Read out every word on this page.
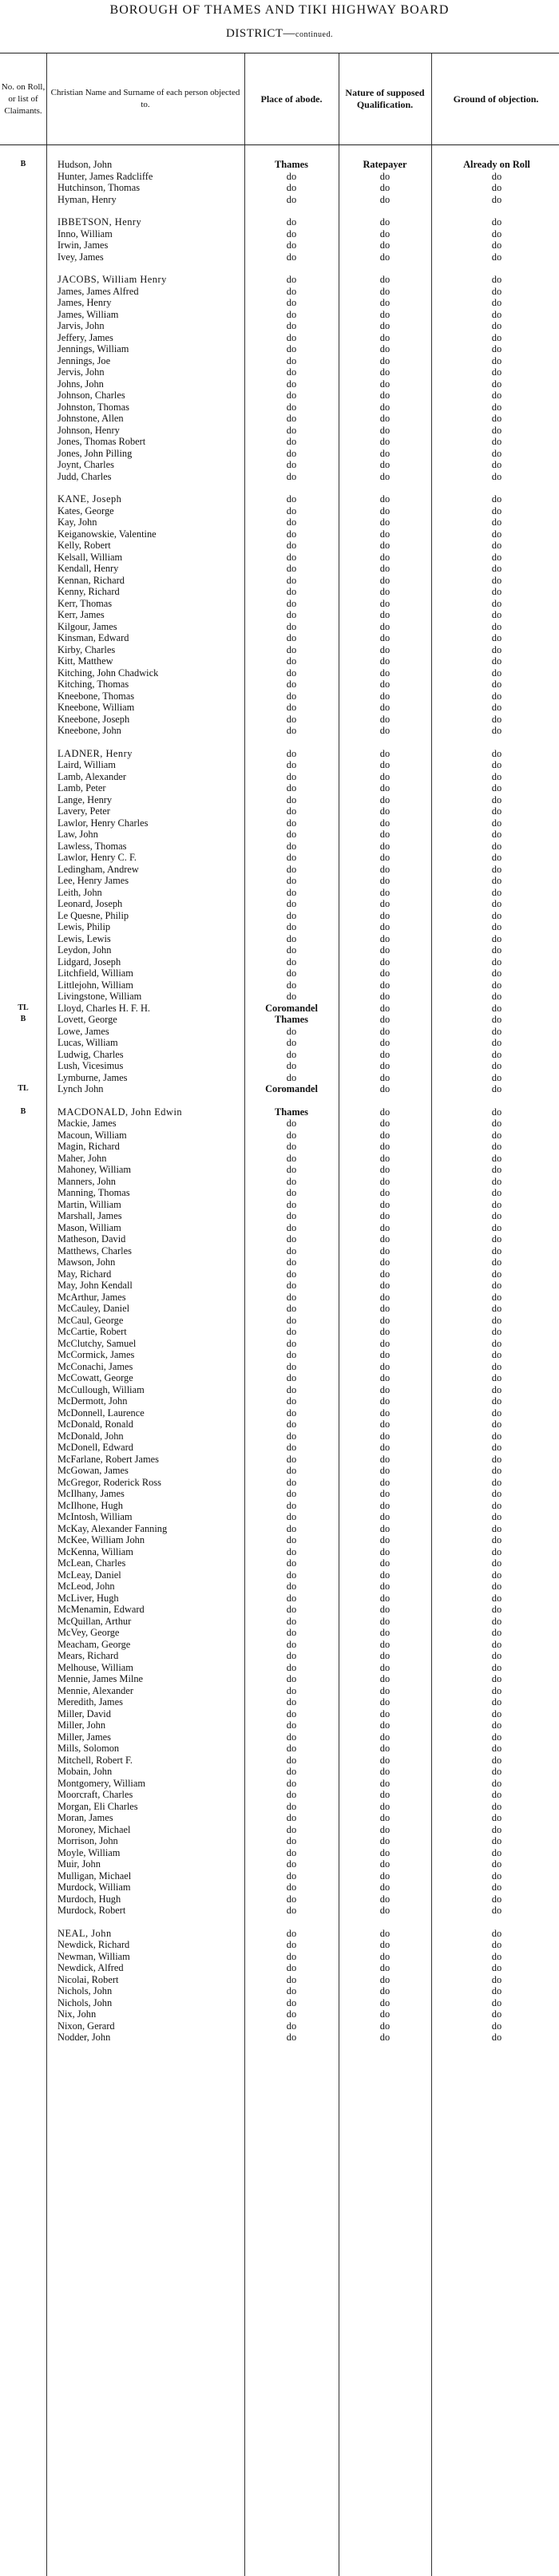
BOROUGH OF THAMES AND TIKI HIGHWAY BOARD
DISTRICT—continued.
No. on Roll, or list of Claimants.
Christian Name and Surname of each person objected to.
Place of abode.
Nature of supposed Qualification.
Ground of objection.
B	Hudson, John	Thames	Ratepayer	Already on Roll
Hunter, James Radcliffe	do	do	do
Hutchinson, Thomas	do	do	do
Hyman, Henry	do	do	do
IBBETSON, Henry	do	do	do
Inno, William	do	do	do
Irwin, James	do	do	do
Ivey, James	do	do	do
JACOBS, William Henry	do	do	do
James, James Alfred	do	do	do
James, Henry	do	do	do
James, William	do	do	do
Jarvis, John	do	do	do
Jeffery, James	do	do	do
Jennings, William	do	do	do
Jennings, Joe	do	do	do
Jervis, John	do	do	do
Johns, John	do	do	do
Johnson, Charles	do	do	do
Johnston, Thomas	do	do	do
Johnstone, Allen	do	do	do
Johnson, Henry	do	do	do
Jones, Thomas Robert	do	do	do
Jones, John Pilling	do	do	do
Joynt, Charles	do	do	do
Judd, Charles	do	do	do
KANE, Joseph	do	do	do
Kates, George	do	do	do
Kay, John	do	do	do
Keiganowskie, Valentine	do	do	do
Kelly, Robert	do	do	do
Kelsall, William	do	do	do
Kendall, Henry	do	do	do
Kennan, Richard	do	do	do
Kenny, Richard	do	do	do
Kerr, Thomas	do	do	do
Kerr, James	do	do	do
Kilgour, James	do	do	do
Kinsman, Edward	do	do	do
Kirby, Charles	do	do	do
Kitt, Matthew	do	do	do
Kitching, John Chadwick	do	do	do
Kitching, Thomas	do	do	do
Kneebone, Thomas	do	do	do
Kneebone, William	do	do	do
Kneebone, Joseph	do	do	do
Kneebone, John	do	do	do
LADNER, Henry	do	do	do
Laird, William	do	do	do
Lamb, Alexander	do	do	do
Lamb, Peter	do	do	do
Lange, Henry	do	do	do
Lavery, Peter	do	do	do
Lawlor, Henry Charles	do	do	do
Law, John	do	do	do
Lawless, Thomas	do	do	do
Lawlor, Henry C. F.	do	do	do
Ledingham, Andrew	do	do	do
Lee, Henry James	do	do	do
Leith, John	do	do	do
Leonard, Joseph	do	do	do
Le Quesne, Philip	do	do	do
Lewis, Philip	do	do	do
Lewis, Lewis	do	do	do
Leydon, John	do	do	do
Lidgard, Joseph	do	do	do
Litchfield, William	do	do	do
Littlejohn, William	do	do	do
Livingstone, William	do	do	do
TL	Lloyd, Charles H. F. H.	Coromandel	do	do
B	Lovett, George	Thames	do	do
Lowe, James	do	do	do
Lucas, William	do	do	do
Ludwig, Charles	do	do	do
Lush, Vicesimus	do	do	do
Lymburne, James	do	do	do
TL	Lynch John	Coromandel	do	do
B	MACDONALD, John Edwin	Thames	do	do
Mackie, James	do	do	do
Macoun, William	do	do	do
Magin, Richard	do	do	do
Maher, John	do	do	do
Mahoney, William	do	do	do
Manners, John	do	do	do
Manning, Thomas	do	do	do
Martin, William	do	do	do
Marshall, James	do	do	do
Mason, William	do	do	do
Matheson, David	do	do	do
Matthews, Charles	do	do	do
Mawson, John	do	do	do
May, Richard	do	do	do
May, John Kendall	do	do	do
McArthur, James	do	do	do
McCauley, Daniel	do	do	do
McCaul, George	do	do	do
McCartie, Robert	do	do	do
McClutchy, Samuel	do	do	do
McCormick, James	do	do	do
McConachi, James	do	do	do
McCowatt, George	do	do	do
McCullough, William	do	do	do
McDermott, John	do	do	do
McDonnell, Laurence	do	do	do
McDonald, Ronald	do	do	do
McDonald, John	do	do	do
McDonell, Edward	do	do	do
McFarlane, Robert James	do	do	do
McGowan, James	do	do	do
McGregor, Roderick Ross	do	do	do
McIlhany, James	do	do	do
McIlhone, Hugh	do	do	do
McIntosh, William	do	do	do
McKay, Alexander Fanning	do	do	do
McKee, William John	do	do	do
McKenna, William	do	do	do
McLean, Charles	do	do	do
McLeay, Daniel	do	do	do
McLeod, John	do	do	do
McLiver, Hugh	do	do	do
McMenamin, Edward	do	do	do
McQuillan, Arthur	do	do	do
McVey, George	do	do	do
Meacham, George	do	do	do
Mears, Richard	do	do	do
Melhouse, William	do	do	do
Mennie, James Milne	do	do	do
Mennie, Alexander	do	do	do
Meredith, James	do	do	do
Miller, David	do	do	do
Miller, John	do	do	do
Miller, James	do	do	do
Mills, Solomon	do	do	do
Mitchell, Robert F.	do	do	do
Mobain, John	do	do	do
Montgomery, William	do	do	do
Moorcraft, Charles	do	do	do
Morgan, Eli Charles	do	do	do
Moran, James	do	do	do
Moroney, Michael	do	do	do
Morrison, John	do	do	do
Moyle, William	do	do	do
Muir, John	do	do	do
Mulligan, Michael	do	do	do
Murdock, William	do	do	do
Murdoch, Hugh	do	do	do
Murdock, Robert	do	do	do
NEAL, John	do	do	do
Newdick, Richard	do	do	do
Newman, William	do	do	do
Newdick, Alfred	do	do	do
Nicolai, Robert	do	do	do
Nichols, John	do	do	do
Nichols, John	do	do	do
Nix, John	do	do	do
Nixon, Gerard	do	do	do
Nodder, John	do	do	do
